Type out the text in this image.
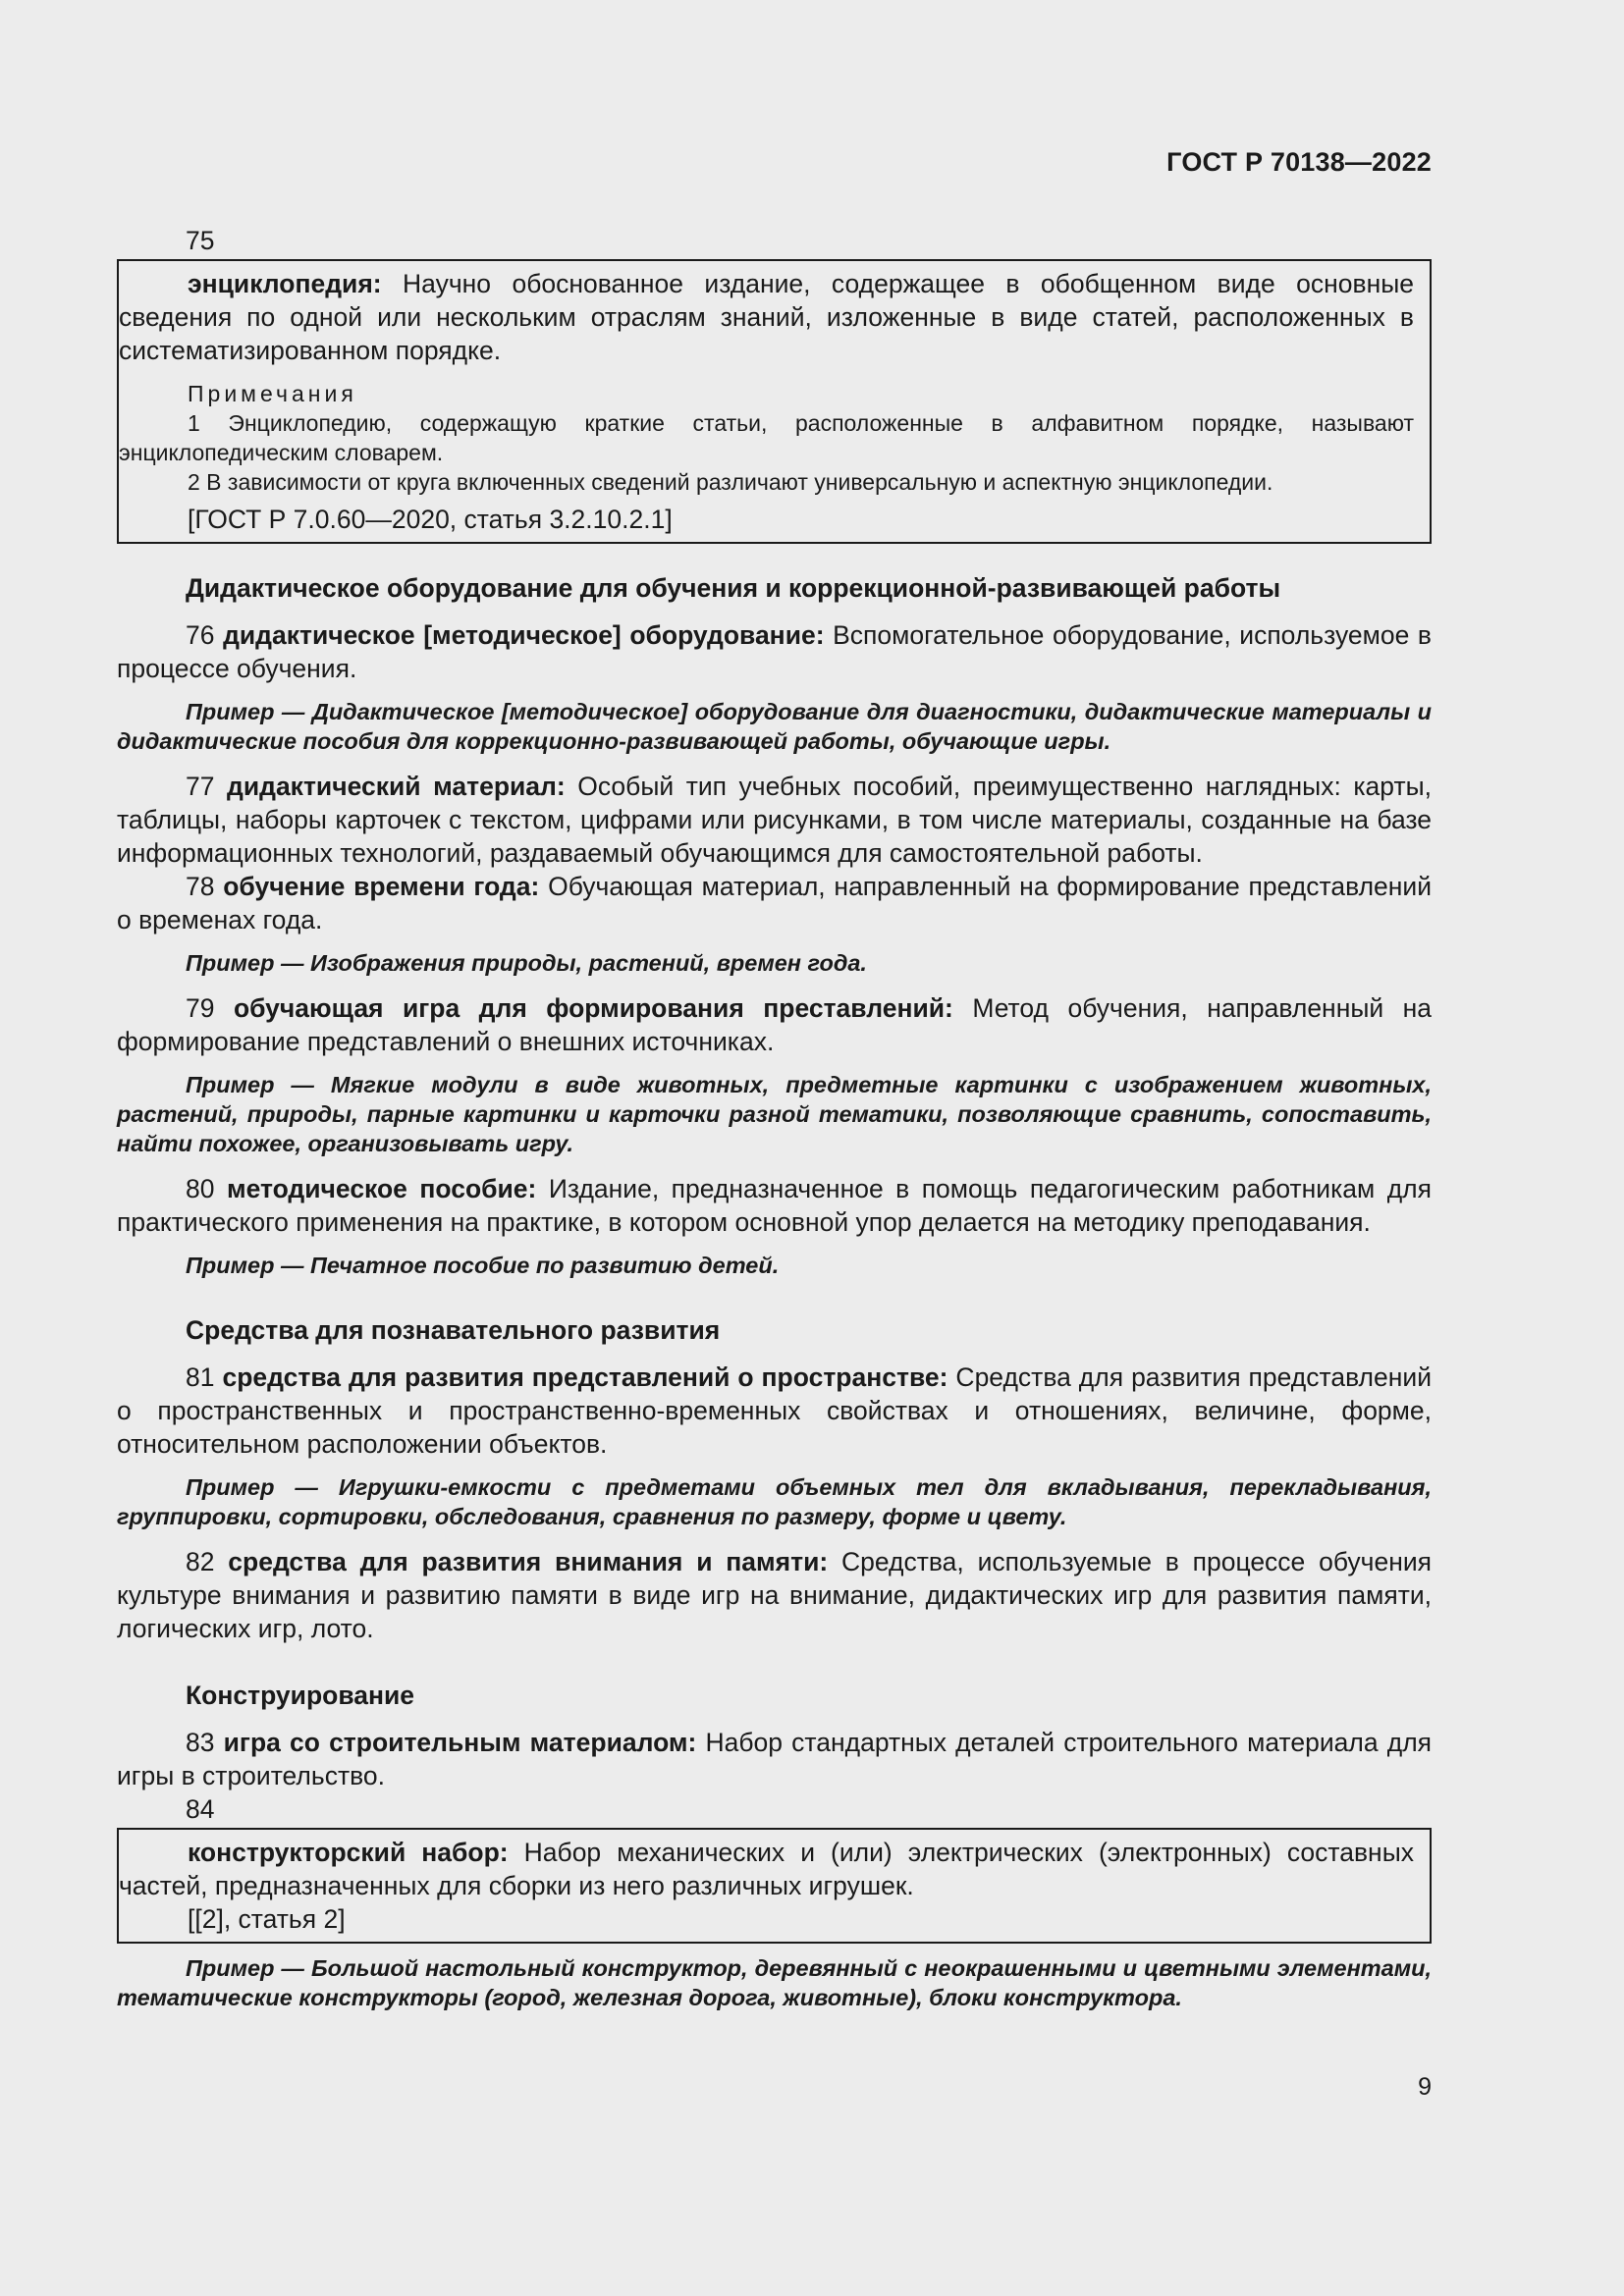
ГОСТ Р 70138—2022

75

энциклопедия: Научно обоснованное издание, содержащее в обобщенном виде основные сведения по одной или нескольким отраслям знаний, изложенные в виде статей, расположенных в систематизированном порядке.

Примечания

1 Энциклопедию, содержащую краткие статьи, расположенные в алфавитном порядке, называют энциклопедическим словарем.

2 В зависимости от круга включенных сведений различают универсальную и аспектную энциклопедии.

[ГОСТ Р 7.0.60—2020, статья 3.2.10.2.1]

Дидактическое оборудование для обучения и коррекционной-развивающей работы

76 дидактическое [методическое] оборудование: Вспомогательное оборудование, используемое в процессе обучения.

Пример — Дидактическое [методическое] оборудование для диагностики, дидактические материалы и дидактические пособия для коррекционно-развивающей работы, обучающие игры.

77 дидактический материал: Особый тип учебных пособий, преимущественно наглядных: карты, таблицы, наборы карточек с текстом, цифрами или рисунками, в том числе материалы, созданные на базе информационных технологий, раздаваемый обучающимся для самостоятельной работы.

78 обучение времени года: Обучающая материал, направленный на формирование представлений о временах года.

Пример — Изображения природы, растений, времен года.

79 обучающая игра для формирования преставлений: Метод обучения, направленный на формирование представлений о внешних источниках.

Пример — Мягкие модули в виде животных, предметные картинки с изображением животных, растений, природы, парные картинки и карточки разной тематики, позволяющие сравнить, сопоставить, найти похожее, организовывать игру.

80 методическое пособие: Издание, предназначенное в помощь педагогическим работникам для практического применения на практике, в котором основной упор делается на методику преподавания.

Пример — Печатное пособие по развитию детей.

Средства для познавательного развития

81 средства для развития представлений о пространстве: Средства для развития представлений о пространственных и пространственно-временных свойствах и отношениях, величине, форме, относительном расположении объектов.

Пример — Игрушки-емкости с предметами объемных тел для вкладывания, перекладывания, группировки, сортировки, обследования, сравнения по размеру, форме и цвету.

82 средства для развития внимания и памяти: Средства, используемые в процессе обучения культуре внимания и развитию памяти в виде игр на внимание, дидактических игр для развития памяти, логических игр, лото.

Конструирование

83 игра со строительным материалом: Набор стандартных деталей строительного материала для игры в строительство.

84

конструкторский набор: Набор механических и (или) электрических (электронных) составных частей, предназначенных для сборки из него различных игрушек.

[[2], статья 2]

Пример — Большой настольный конструктор, деревянный с неокрашенными и цветными элементами, тематические конструкторы (город, железная дорога, животные), блоки конструктора.

9
